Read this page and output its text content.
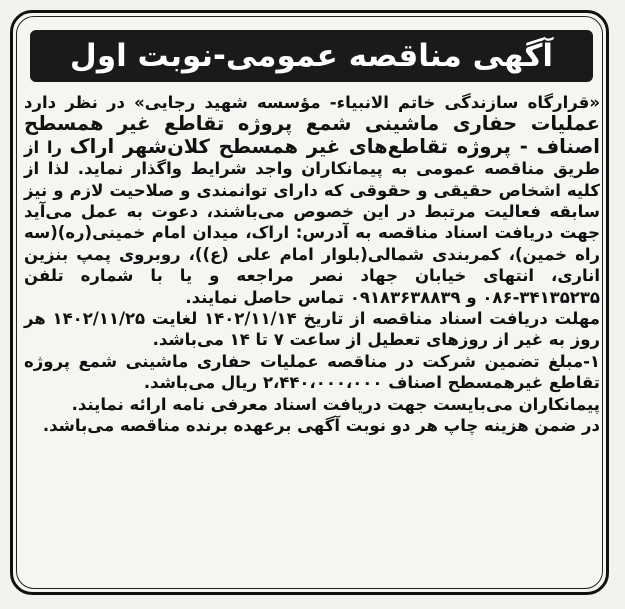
آگهی مناقصه عمومی-نوبت اول

«قرارگاه سازندگی خاتم الانبیاء- مؤسسه شهید رجایی» در نظر دارد عملیات حفاری ماشینی شمع پروژه تقاطع غیر همسطح اصناف - پروژه تقاطع‌های غیر همسطح کلان‌شهر اراک را از طریق مناقصه عمومی به پیمانکاران واجد شرایط واگذار نماید. لذا از کلیه اشخاص حقیقی و حقوقی که دارای توانمندی و صلاحیت لازم و نیز سابقه فعالیت مرتبط در این خصوص می‌باشند، دعوت به عمل می‌آید جهت دریافت اسناد مناقصه به آدرس: اراک، میدان امام خمینی(ره)(سه راه خمین)، کمربندی شمالی(بلوار امام علی (ع))، روبروی پمپ بنزین اناری، انتهای خیابان جهاد نصر مراجعه و یا با شماره تلفن ۳۴۱۳۵۲۳۵-۰۸۶ و ۰۹۱۸۳۶۳۸۸۳۹ تماس حاصل نمایند.

مهلت دریافت اسناد مناقصه از تاریخ ۱۴۰۲/۱۱/۱۴ لغایت ۱۴۰۲/۱۱/۲۵ هر روز به غیر از روزهای تعطیل از ساعت ۷ تا ۱۴ می‌باشد.

۱-مبلغ تضمین شرکت در مناقصه عملیات حفاری ماشینی شمع پروژه تقاطع غیرهمسطح اصناف ۲،۴۴۰،۰۰۰،۰۰۰ ریال می‌باشد.

پیمانکاران می‌بایست جهت دریافت اسناد معرفی نامه ارائه نمایند.

در ضمن هزینه چاپ هر دو نوبت آگهی برعهده برنده مناقصه می‌باشد.
